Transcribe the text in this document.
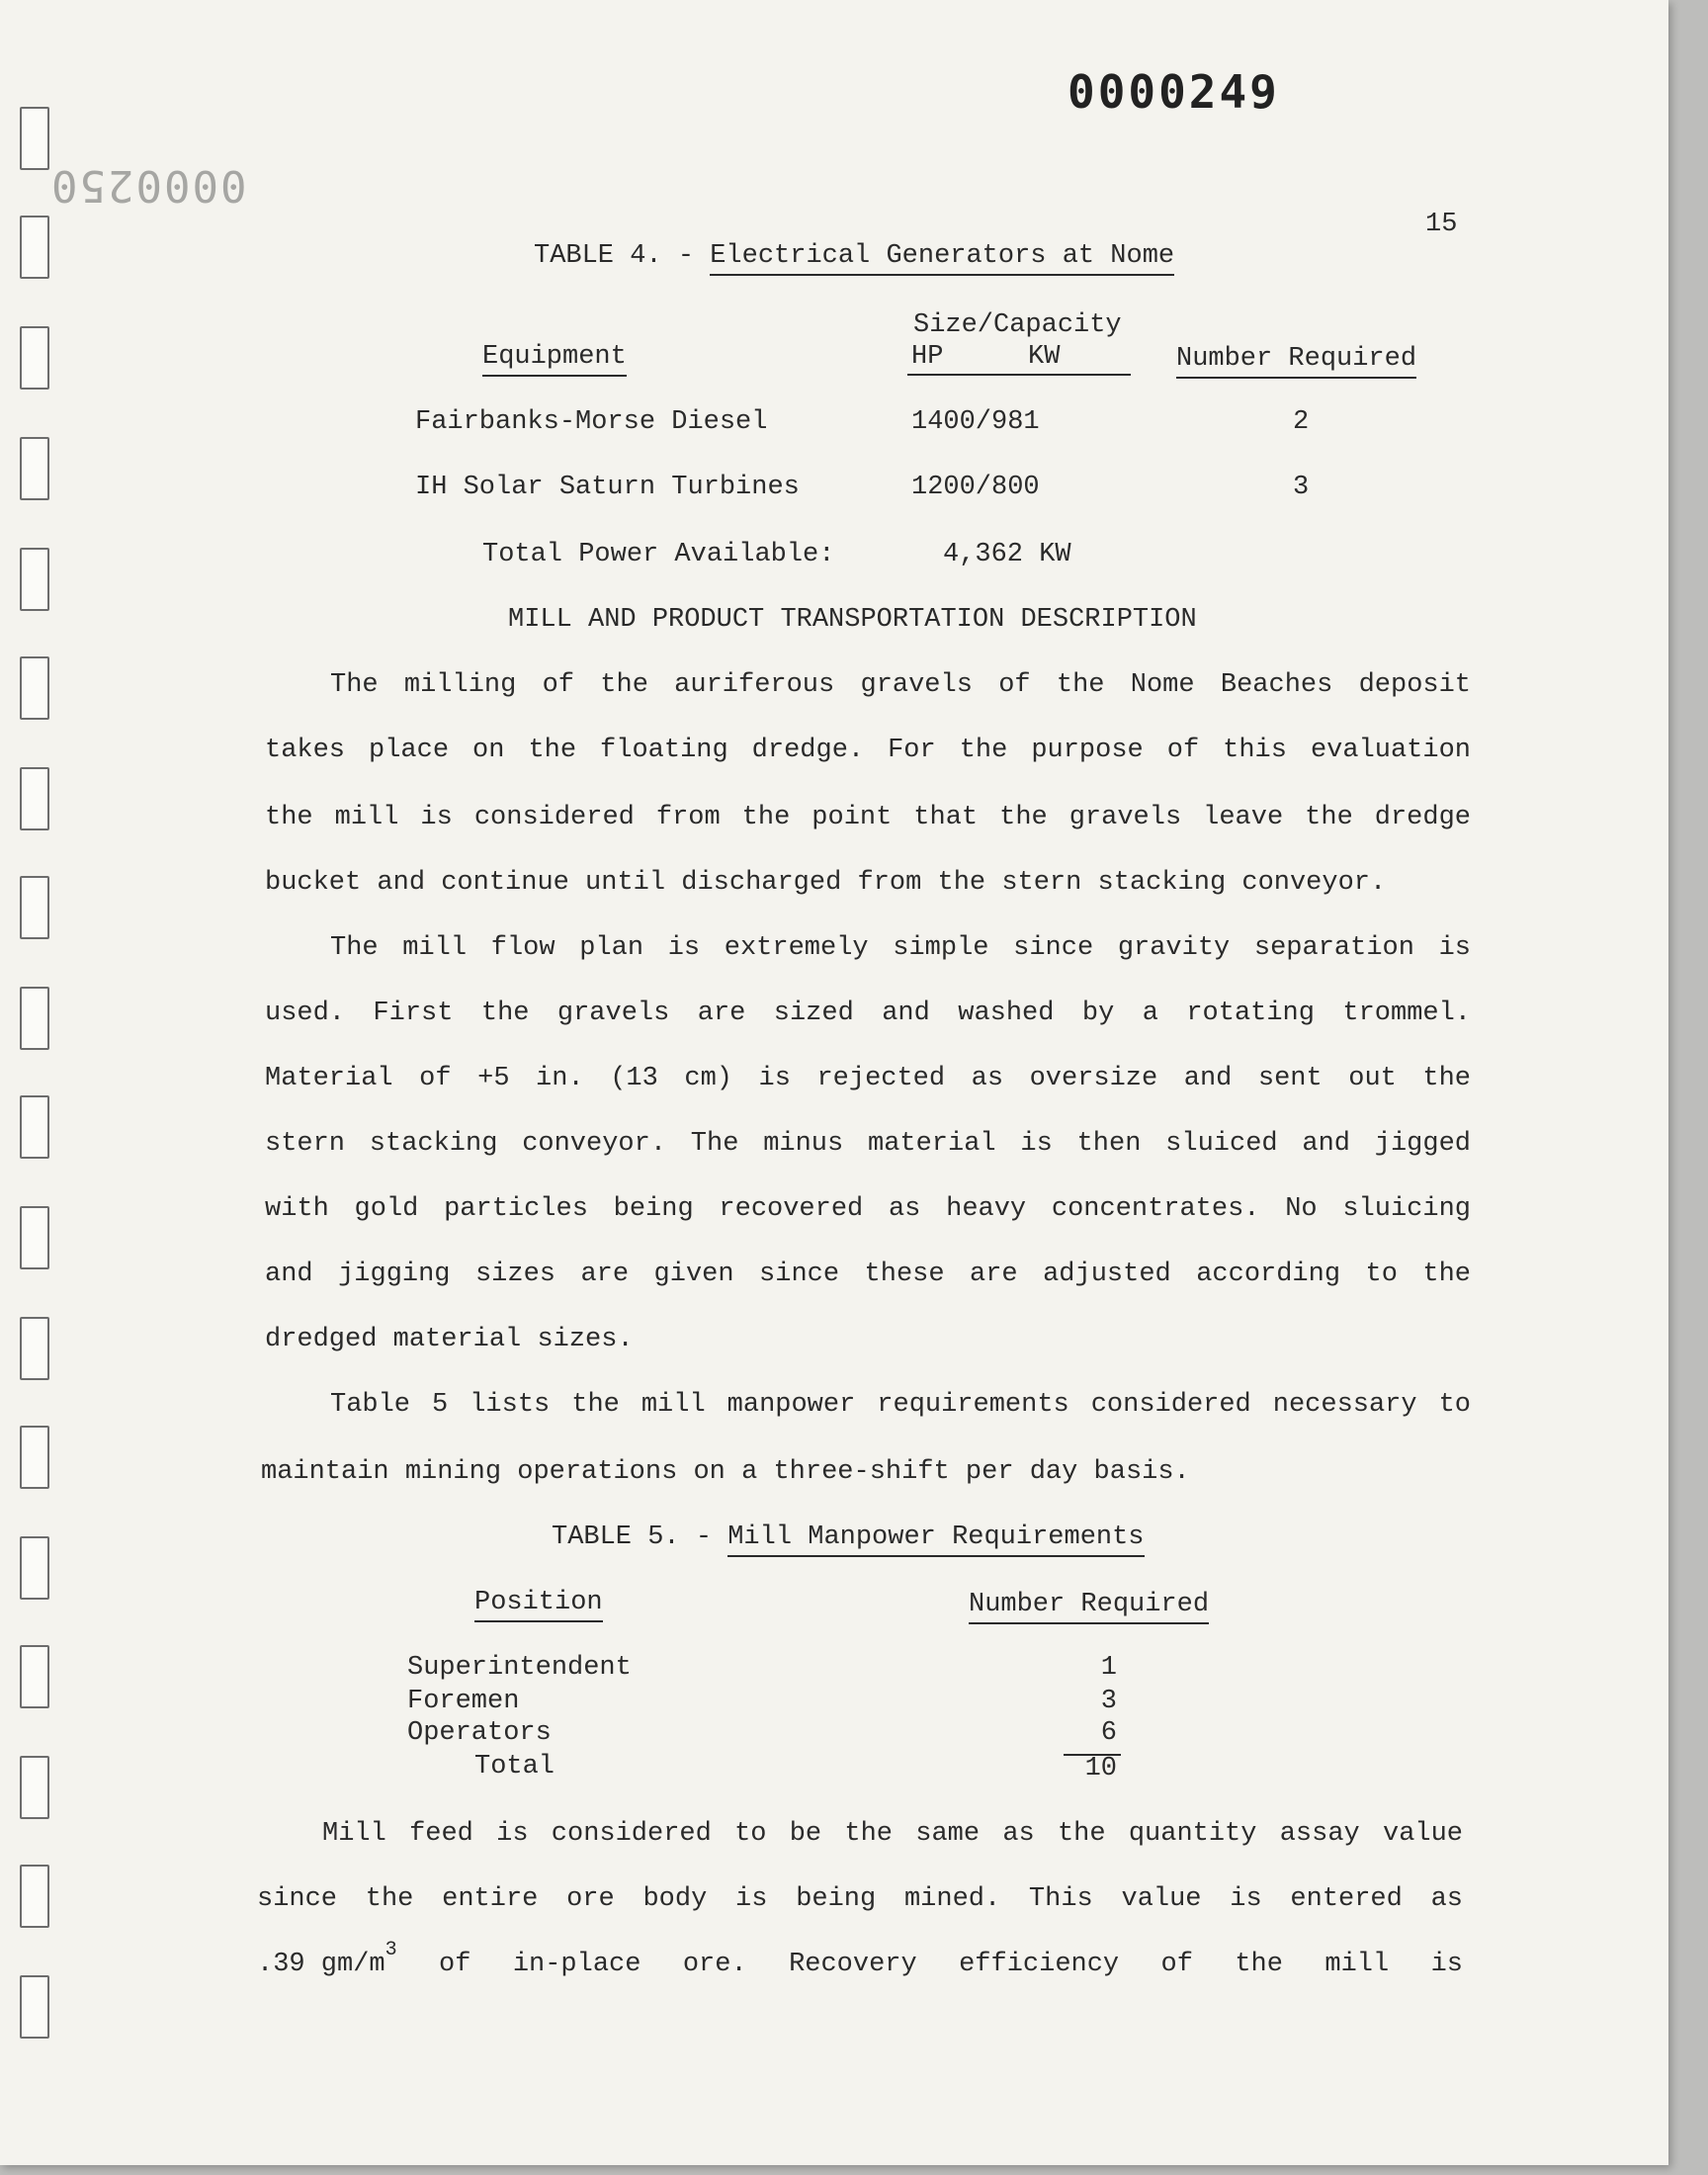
0000249
0000250
15
TABLE 4. - Electrical Generators at Nome
Size/Capacity
Equipment	HP	KW	Number Required
Fairbanks-Morse Diesel	1400/981	2
IH Solar Saturn Turbines	1200/800	3
Total Power Available:	4,362 KW
MILL AND PRODUCT TRANSPORTATION DESCRIPTION
The milling of the auriferous gravels of the Nome Beaches deposit
takes place on the floating dredge. For the purpose of this evaluation
the mill is considered from the point that the gravels leave the dredge
bucket and continue until discharged from the stern stacking conveyor.
The mill flow plan is extremely simple since gravity separation is
used. First the gravels are sized and washed by a rotating trommel.
Material of +5 in. (13 cm) is rejected as oversize and sent out the
stern stacking conveyor. The minus material is then sluiced and jigged
with gold particles being recovered as heavy concentrates. No sluicing
and jigging sizes are given since these are adjusted according to the
dredged material sizes.
Table 5 lists the mill manpower requirements considered necessary to
maintain mining operations on a three-shift per day basis.
TABLE 5. - Mill Manpower Requirements
Position	Number Required
Superintendent	1
Foremen	3
Operators	6
Total	10
Mill feed is considered to be the same as the quantity assay value
since the entire ore body is being mined. This value is entered as
.39 $gm/m^3$ of in-place ore. Recovery efficiency of the mill is
